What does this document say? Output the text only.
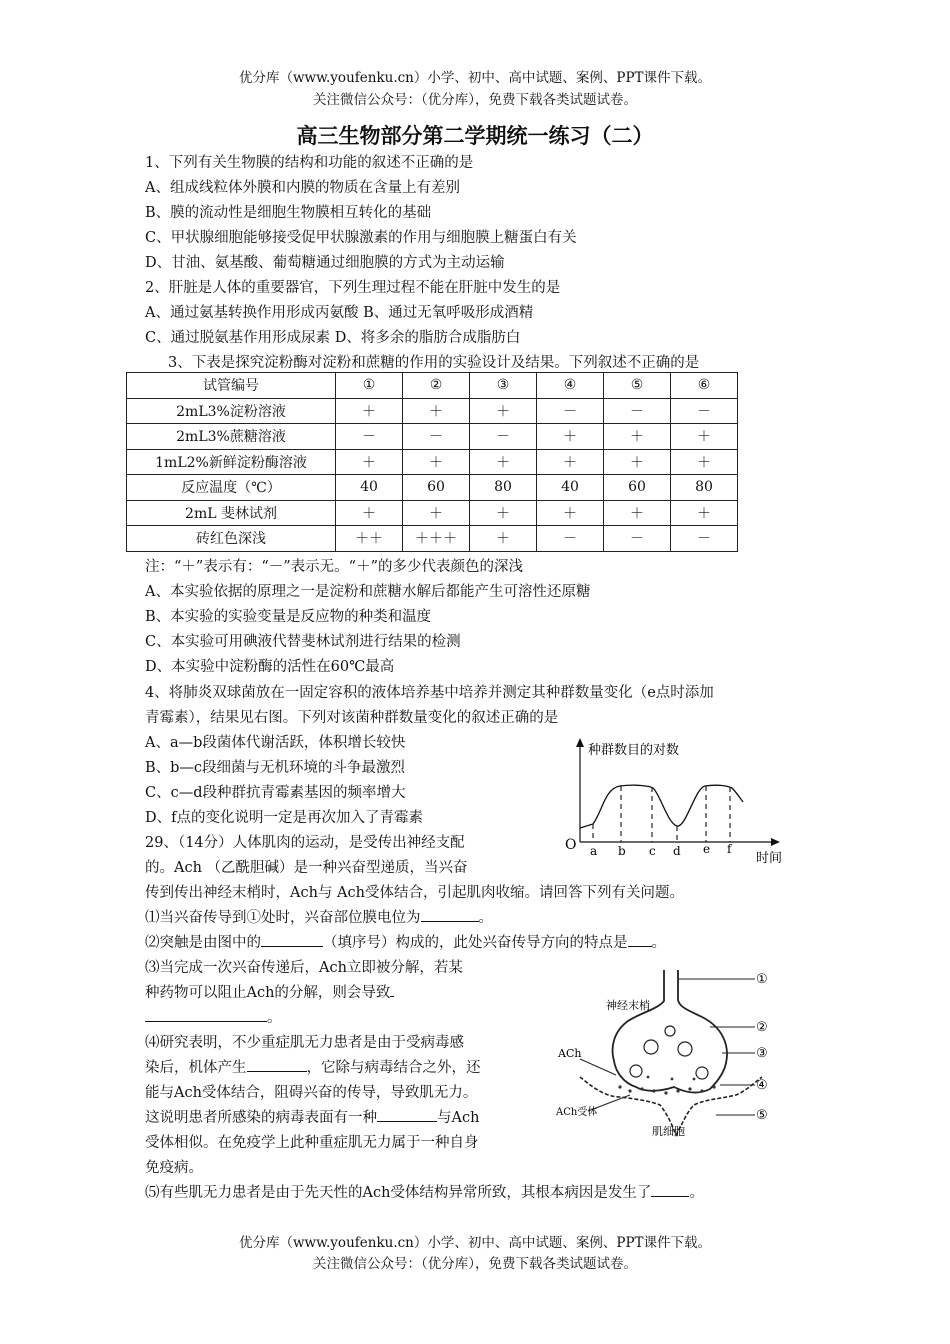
优分库（www.youfenku.cn）小学、初中、高中试题、案例、PPT课件下载。
关注微信公众号：（优分库），免费下载各类试题试卷。
高三生物部分第二学期统一练习（二）
1、下列有关生物膜的结构和功能的叙述不正确的是
A、组成线粒体外膜和内膜的物质在含量上有差别
B、膜的流动性是细胞生物膜相互转化的基础
C、甲状腺细胞能够接受促甲状腺激素的作用与细胞膜上糖蛋白有关
D、甘油、氨基酸、葡萄糖通过细胞膜的方式为主动运输
2、肝脏是人体的重要器官，下列生理过程不能在肝脏中发生的是
A、通过氨基转换作用形成丙氨酸 B、通过无氧呼吸形成酒精
C、通过脱氨基作用形成尿素 D、将多余的脂肪合成脂肪白
3、下表是探究淀粉酶对淀粉和蔗糖的作用的实验设计及结果。下列叙述不正确的是
试管编号	①	②	③	④	⑤	⑥
2mL3%淀粉溶液	＋	＋	＋	－	－	－
2mL3%蔗糖溶液	－	－	－	＋	＋	＋
1mL2%新鲜淀粉酶溶液	＋	＋	＋	＋	＋	＋
反应温度（℃）	40	60	80	40	60	80
2mL 斐林试剂	＋	＋	＋	＋	＋	＋
砖红色深浅	＋＋	＋＋＋	＋	－	－	－
注：“＋”表示有：“－”表示无。“＋”的多少代表颜色的深浅
A、本实验依据的原理之一是淀粉和蔗糖水解后都能产生可溶性还原糖
B、本实验的实验变量是反应物的种类和温度
C、本实验可用碘液代替斐林试剂进行结果的检测
D、本实验中淀粉酶的活性在60℃最高
4、将肺炎双球菌放在一固定容积的液体培养基中培养并测定其种群数量变化（e点时添加
青霉素），结果见右图。下列对该菌种群数量变化的叙述正确的是
A、a—b段菌体代谢活跃，体积增长较快
B、b—c段细菌与无机环境的斗争最激烈
C、c—d段种群抗青霉素基因的频率增大
D、f点的变化说明一定是再次加入了青霉素
种群数目的对数
时间
O a b c d e f
29、（14分）人体肌肉的运动，是受传出神经支配
的。Ach （乙酰胆碱）是一种兴奋型递质，当兴奋
传到传出神经末梢时，Ach与 Ach受体结合，引起肌肉收缩。请回答下列有关问题。
⑴当兴奋传导到①处时，兴奋部位膜电位为	。
⑵突触是由图中的	（填序号）构成的，此处兴奋传导方向的特点是 。
⑶当完成一次兴奋传递后，Ach立即被分解，若某
种药物可以阻止Ach的分解，则会导致
。
⑷研究表明，不少重症肌无力患者是由于受病毒感
染后，机体产生	，它除与病毒结合之外，还
能与Ach受体结合，阻碍兴奋的传导，导致肌无力。
这说明患者所感染的病毒表面有一种	与Ach
受体相似。在免疫学上此种重症肌无力属于一种自身
免疫病。
⑸有些肌无力患者是由于先天性的Ach受体结构异常所致，其根本病因是发生了	。
神经末梢
ACh
ACh受体
肌细胞
①
②
③
④
⑤
优分库（www.youfenku.cn）小学、初中、高中试题、案例、PPT课件下载。
关注微信公众号：（优分库），免费下载各类试题试卷。
